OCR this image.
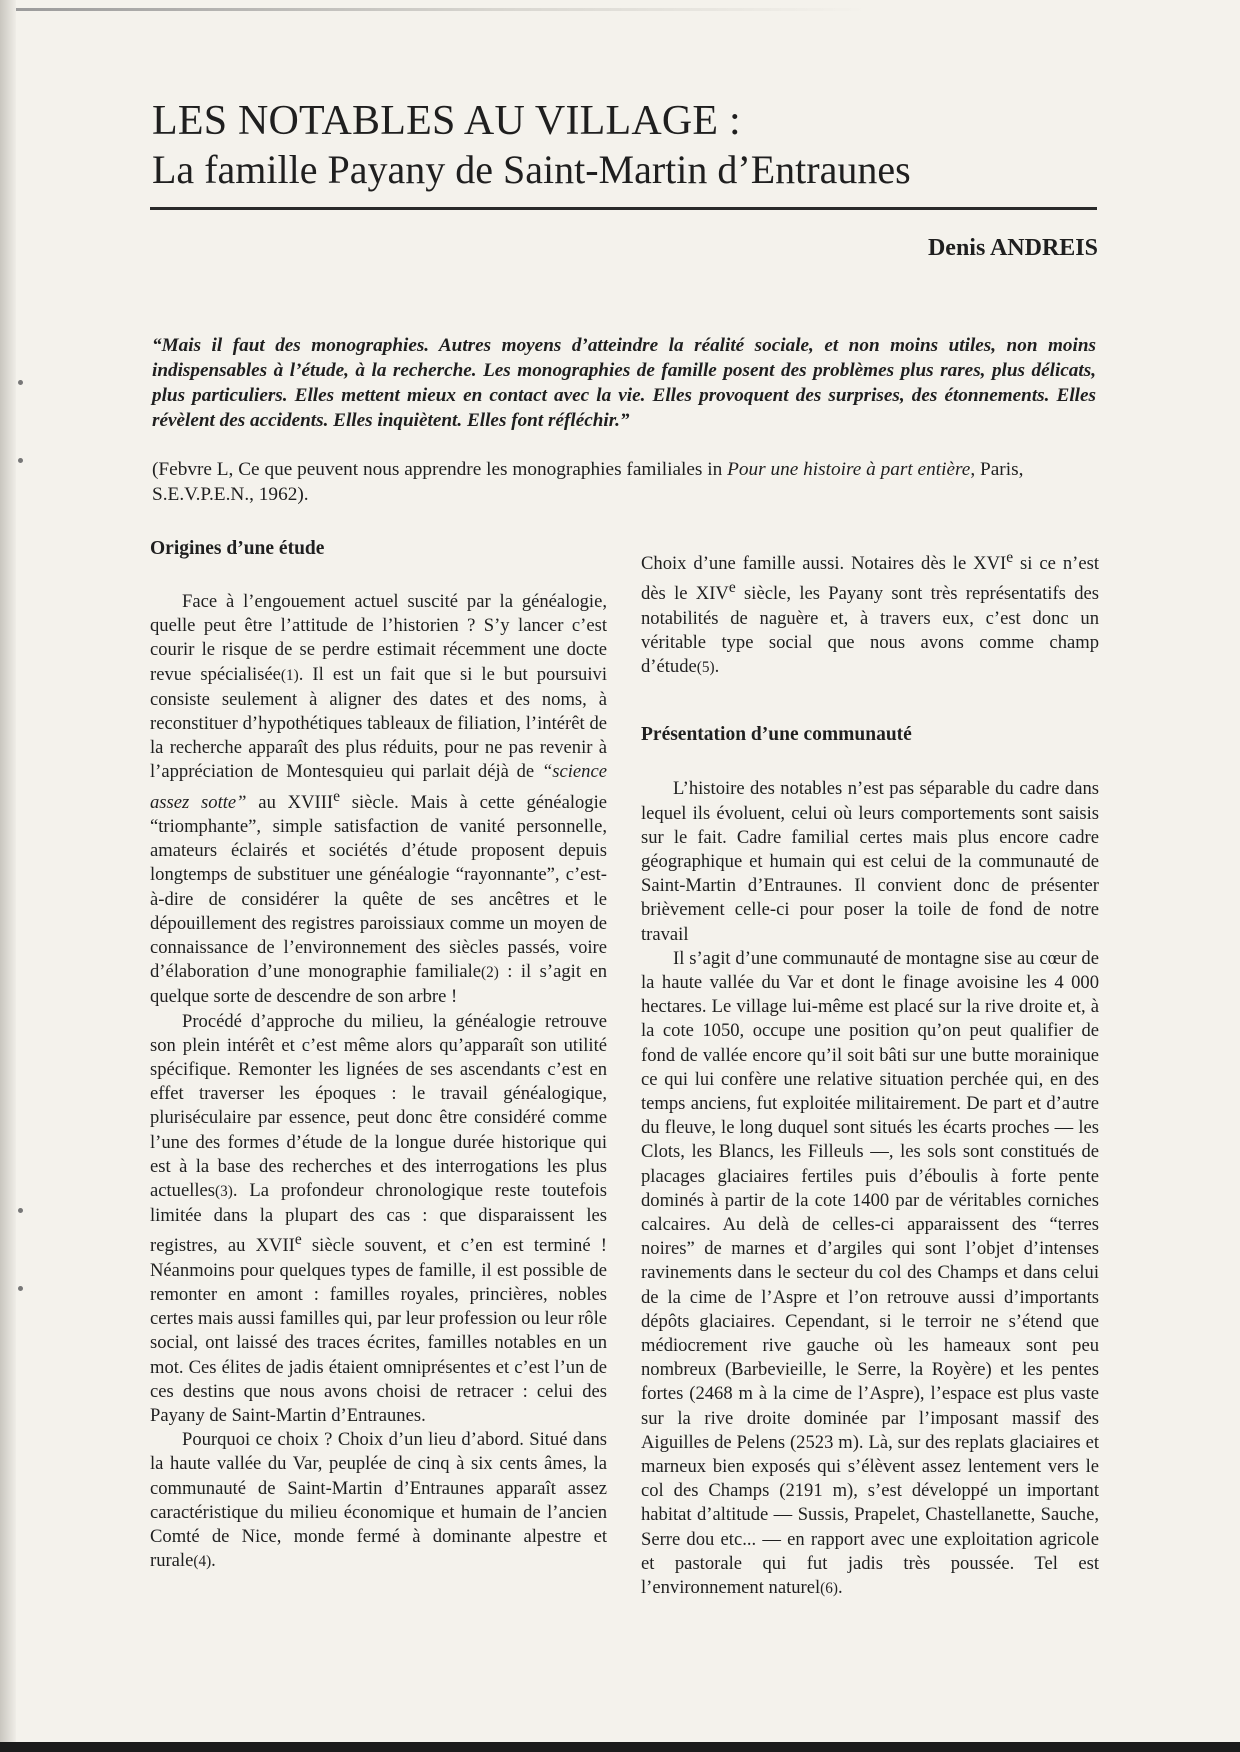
LES NOTABLES AU VILLAGE :
La famille Payany de Saint-Martin d’Entraunes
Denis ANDREIS

“Mais il faut des monographies. Autres moyens d’atteindre la réalité sociale, et non moins utiles, non moins indispensables à l’étude, à la recherche. Les monographies de famille posent des problèmes plus rares, plus délicats, plus particuliers. Elles mettent mieux en contact avec la vie. Elles provoquent des surprises, des étonnements. Elles révèlent des accidents. Elles inquiètent. Elles font réfléchir.”

(Febvre L, Ce que peuvent nous apprendre les monographies familiales in Pour une histoire à part entière, Paris, S.E.V.P.E.N., 1962).

Origines d’une étude

Face à l’engouement actuel suscité par la généalogie, quelle peut être l’attitude de l’historien ? S’y lancer c’est courir le risque de se perdre estimait récemment une docte revue spécialisée(1). Il est un fait que si le but poursuivi consiste seulement à aligner des dates et des noms, à reconstituer d’hypothétiques tableaux de filiation, l’intérêt de la recherche apparaît des plus réduits, pour ne pas revenir à l’appréciation de Montesquieu qui parlait déjà de “science assez sotte” au XVIIIe siècle. Mais à cette généalogie “triomphante”, simple satisfaction de vanité personnelle, amateurs éclairés et sociétés d’étude proposent depuis longtemps de substituer une généalogie “rayonnante”, c’est-à-dire de considérer la quête de ses ancêtres et le dépouillement des registres paroissiaux comme un moyen de connaissance de l’environnement des siècles passés, voire d’élaboration d’une monographie familiale(2) : il s’agit en quelque sorte de descendre de son arbre !

Procédé d’approche du milieu, la généalogie retrouve son plein intérêt et c’est même alors qu’apparaît son utilité spécifique. Remonter les lignées de ses ascendants c’est en effet traverser les époques : le travail généalogique, pluriséculaire par essence, peut donc être considéré comme l’une des formes d’étude de la longue durée historique qui est à la base des recherches et des interrogations les plus actuelles(3). La profondeur chronologique reste toutefois limitée dans la plupart des cas : que disparaissent les registres, au XVIIe siècle souvent, et c’en est terminé ! Néanmoins pour quelques types de famille, il est possible de remonter en amont : familles royales, princières, nobles certes mais aussi familles qui, par leur profession ou leur rôle social, ont laissé des traces écrites, familles notables en un mot. Ces élites de jadis étaient omniprésentes et c’est l’un de ces destins que nous avons choisi de retracer : celui des Payany de Saint-Martin d’Entraunes.

Pourquoi ce choix ? Choix d’un lieu d’abord. Situé dans la haute vallée du Var, peuplée de cinq à six cents âmes, la communauté de Saint-Martin d’Entraunes apparaît assez caractéristique du milieu économique et humain de l’ancien Comté de Nice, monde fermé à dominante alpestre et rurale(4).

Choix d’une famille aussi. Notaires dès le XVIe si ce n’est dès le XIVe siècle, les Payany sont très représentatifs des notabilités de naguère et, à travers eux, c’est donc un véritable type social que nous avons comme champ d’étude(5).

Présentation d’une communauté

L’histoire des notables n’est pas séparable du cadre dans lequel ils évoluent, celui où leurs comportements sont saisis sur le fait. Cadre familial certes mais plus encore cadre géographique et humain qui est celui de la communauté de Saint-Martin d’Entraunes. Il convient donc de présenter brièvement celle-ci pour poser la toile de fond de notre travail

Il s’agit d’une communauté de montagne sise au cœur de la haute vallée du Var et dont le finage avoisine les 4 000 hectares. Le village lui-même est placé sur la rive droite et, à la cote 1050, occupe une position qu’on peut qualifier de fond de vallée encore qu’il soit bâti sur une butte morainique ce qui lui confère une relative situation perchée qui, en des temps anciens, fut exploitée militairement. De part et d’autre du fleuve, le long duquel sont situés les écarts proches — les Clots, les Blancs, les Filleuls —, les sols sont constitués de placages glaciaires fertiles puis d’éboulis à forte pente dominés à partir de la cote 1400 par de véritables corniches calcaires. Au delà de celles-ci apparaissent des “terres noires” de marnes et d’argiles qui sont l’objet d’intenses ravinements dans le secteur du col des Champs et dans celui de la cime de l’Aspre et l’on retrouve aussi d’importants dépôts glaciaires. Cependant, si le terroir ne s’étend que médiocrement rive gauche où les hameaux sont peu nombreux (Barbevieille, le Serre, la Royère) et les pentes fortes (2468 m à la cime de l’Aspre), l’espace est plus vaste sur la rive droite dominée par l’imposant massif des Aiguilles de Pelens (2523 m). Là, sur des replats glaciaires et marneux bien exposés qui s’élèvent assez lentement vers le col des Champs (2191 m), s’est développé un important habitat d’altitude — Sussis, Prapelet, Chastellanette, Sauche, Serre dou etc... — en rapport avec une exploitation agricole et pastorale qui fut jadis très poussée. Tel est l’environnement naturel(6).
